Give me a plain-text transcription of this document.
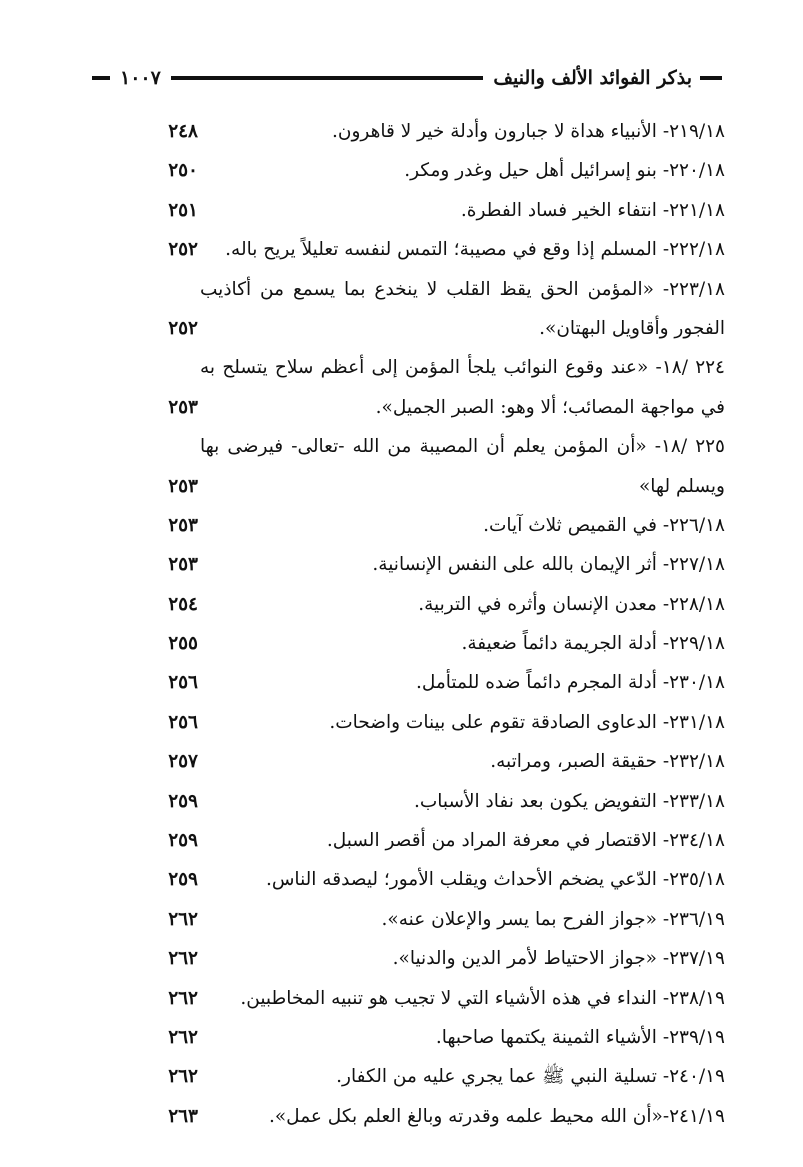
بذكر الفوائد الألف والنيف
١٠٠٧
٢١٩/١٨- الأنبياء هداة لا جبارون وأدلة خير لا قاهرون.
٢٤٨
٢٢٠/١٨- بنو إسرائيل أهل حيل وغدر ومكر.
٢٥٠
٢٢١/١٨- انتفاء الخير فساد الفطرة.
٢٥١
٢٢٢/١٨- المسلم إذا وقع في مصيبة؛ التمس لنفسه تعليلاً يريح باله.
٢٥٢
٢٢٣/١٨- «المؤمن الحق يقظ القلب لا ينخدع بما يسمع من أكاذيب
الفجور وأقاويل البهتان».
٢٥٢
٢٢٤ /١٨- «عند وقوع النوائب يلجأ المؤمن إلى أعظم سلاح يتسلح به
في مواجهة المصائب؛ ألا وهو: الصبر الجميل».
٢٥٣
٢٢٥ /١٨- «أن المؤمن يعلم أن المصيبة من الله -تعالى- فيرضى بها
ويسلم لها»
٢٥٣
٢٢٦/١٨- في القميص ثلاث آيات.
٢٥٣
٢٢٧/١٨- أثر الإيمان بالله على النفس الإنسانية.
٢٥٣
٢٢٨/١٨- معدن الإنسان وأثره في التربية.
٢٥٤
٢٢٩/١٨- أدلة الجريمة دائماً ضعيفة.
٢٥٥
٢٣٠/١٨- أدلة المجرم دائماً ضده للمتأمل.
٢٥٦
٢٣١/١٨- الدعاوى الصادقة تقوم على بينات واضحات.
٢٥٦
٢٣٢/١٨- حقيقة الصبر، ومراتبه.
٢٥٧
٢٣٣/١٨- التفويض يكون بعد نفاد الأسباب.
٢٥٩
٢٣٤/١٨- الاقتصار في معرفة المراد من أقصر السبل.
٢٥٩
٢٣٥/١٨- الدّعي يضخم الأحداث ويقلب الأمور؛ ليصدقه الناس.
٢٥٩
٢٣٦/١٩- «جواز الفرح بما يسر والإعلان عنه».
٢٦٢
٢٣٧/١٩- «جواز الاحتياط لأمر الدين والدنيا».
٢٦٢
٢٣٨/١٩- النداء في هذه الأشياء التي لا تجيب هو تنبيه المخاطبين.
٢٦٢
٢٣٩/١٩- الأشياء الثمينة يكتمها صاحبها.
٢٦٢
٢٤٠/١٩- تسلية النبي ﷺ عما يجري عليه من الكفار.
٢٦٢
٢٤١/١٩-«أن الله محيط علمه وقدرته وبالغ العلم بكل عمل».
٢٦٣
